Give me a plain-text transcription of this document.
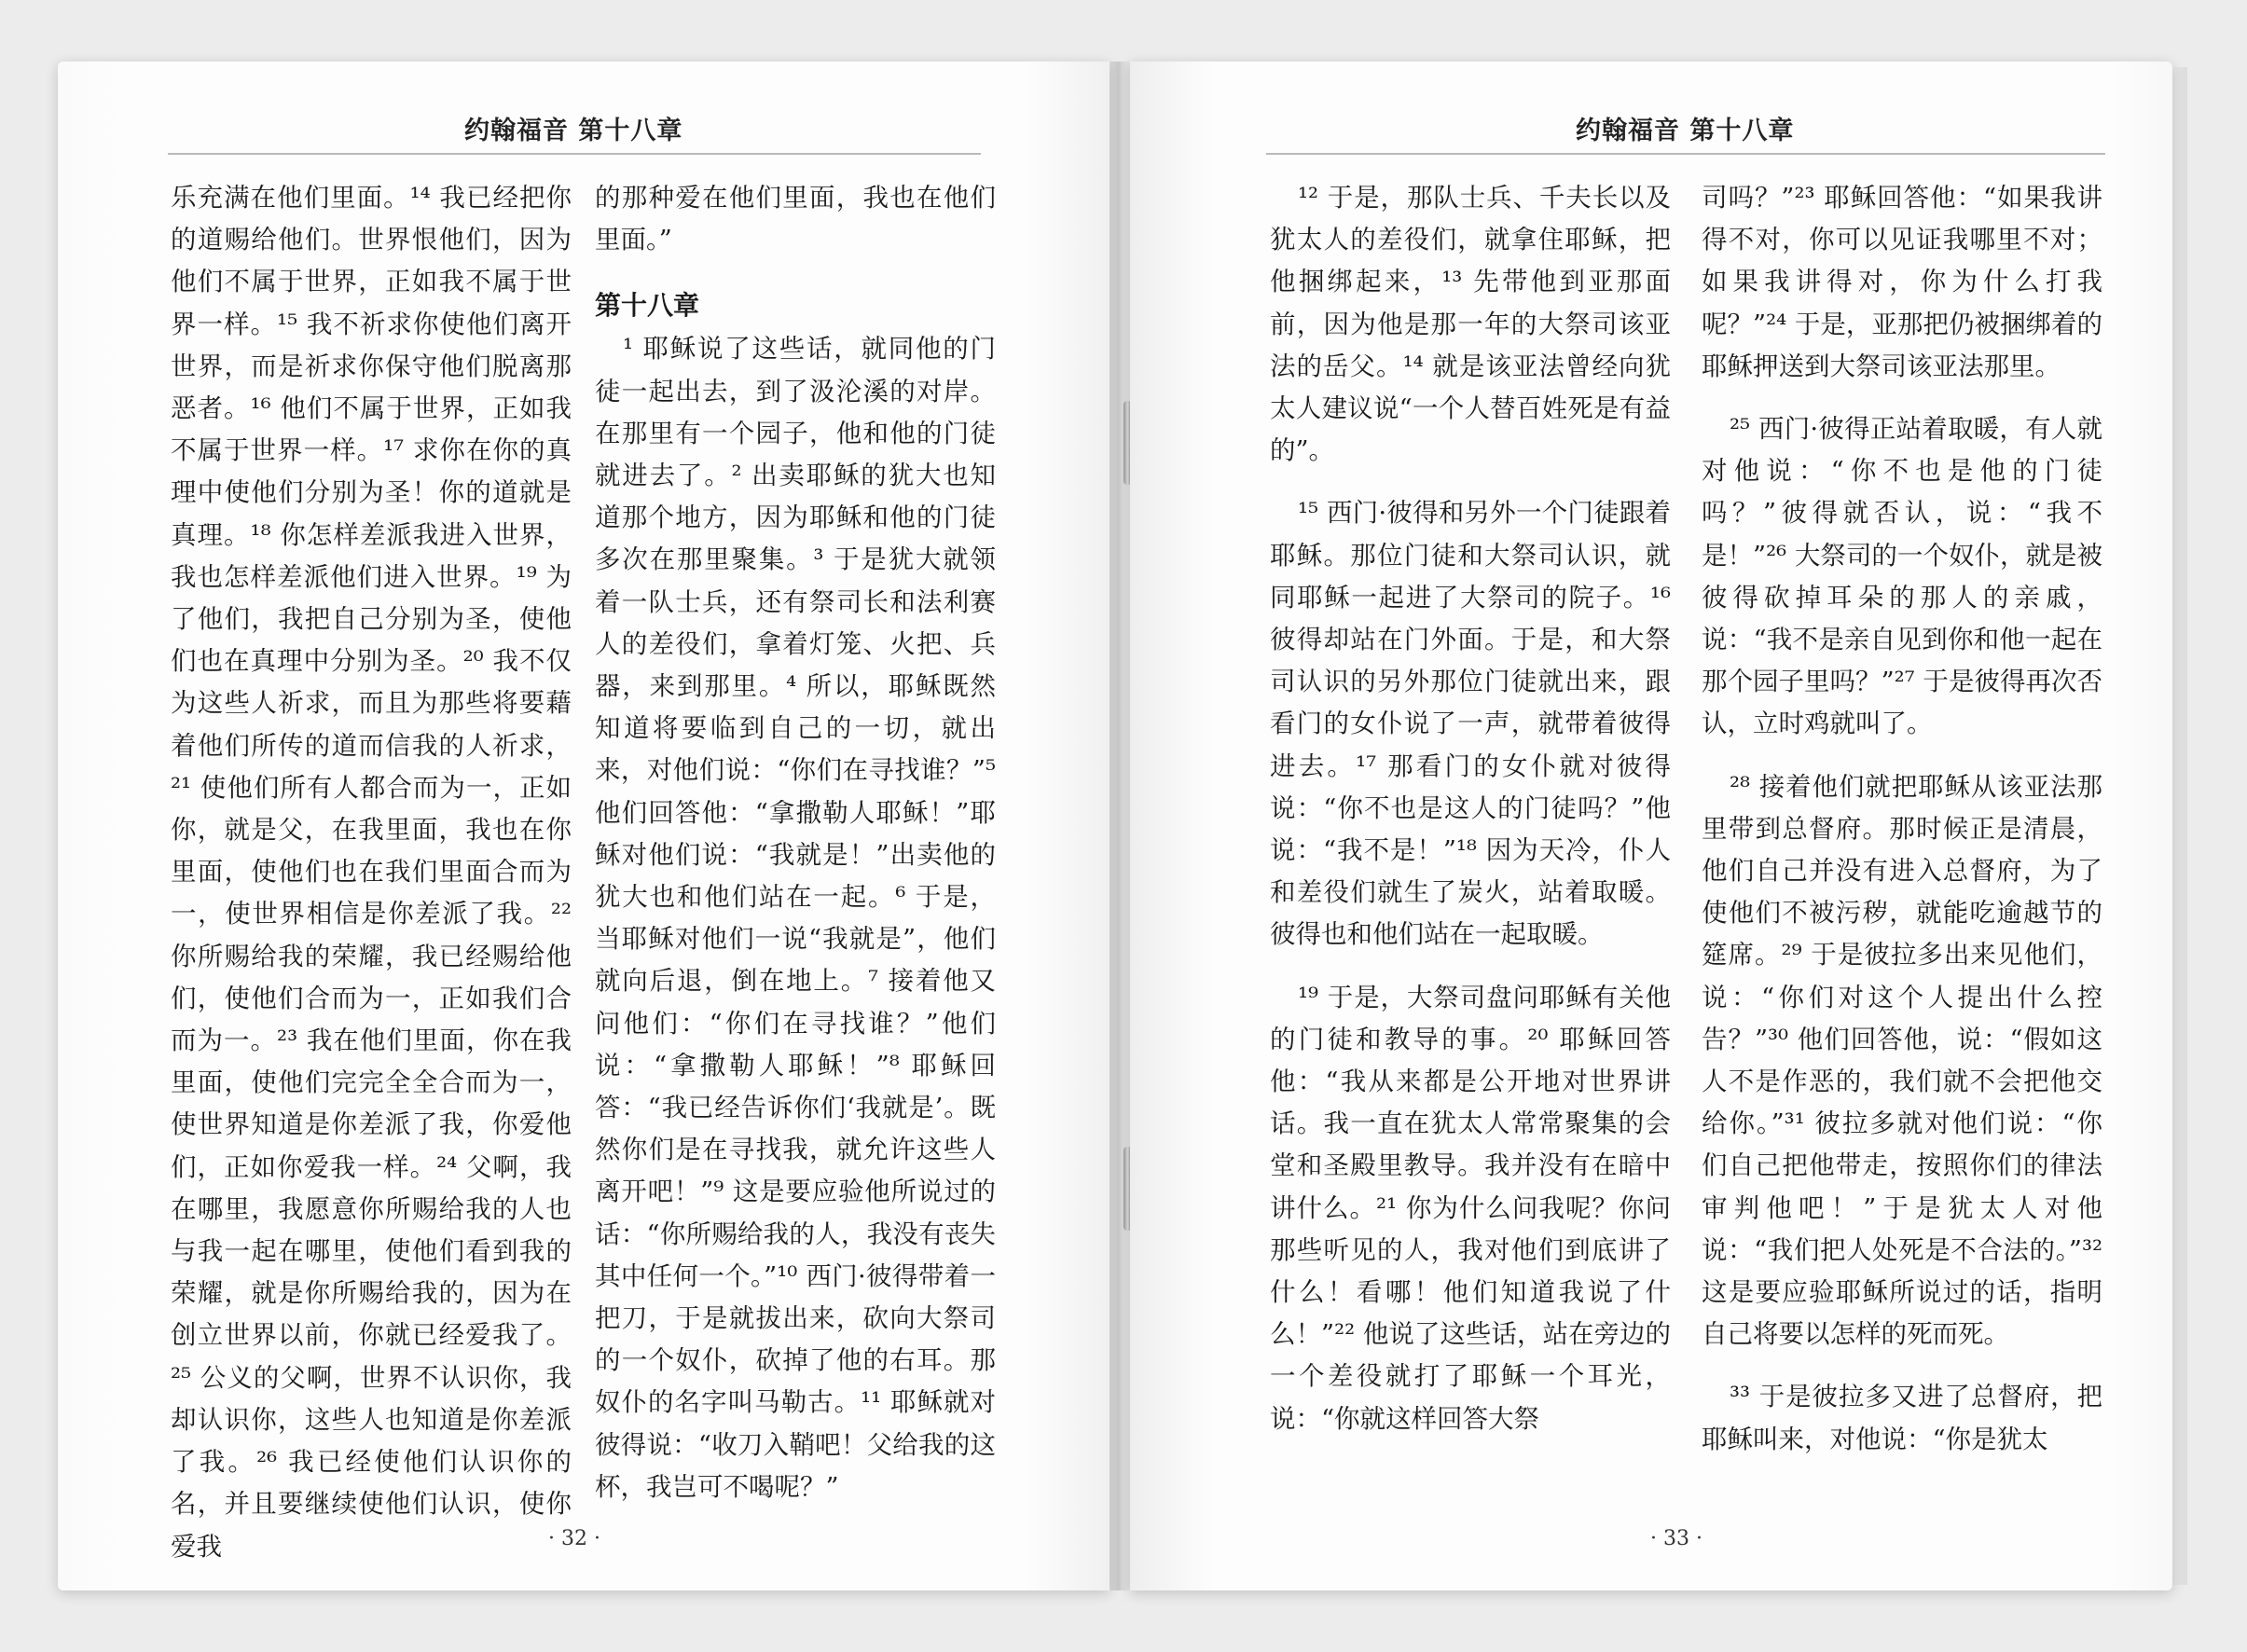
约翰福音 第十八章

乐充满在他们里面。¹⁴ 我已经把你的道赐给他们。世界恨他们，因为他们不属于世界，正如我不属于世界一样。¹⁵ 我不祈求你使他们离开世界，而是祈求你保守他们脱离那恶者。¹⁶ 他们不属于世界，正如我不属于世界一样。¹⁷ 求你在你的真理中使他们分别为圣！你的道就是真理。¹⁸ 你怎样差派我进入世界，我也怎样差派他们进入世界。¹⁹ 为了他们，我把自己分别为圣，使他们也在真理中分别为圣。²⁰ 我不仅为这些人祈求，而且为那些将要藉着他们所传的道而信我的人祈求，²¹ 使他们所有人都合而为一，正如你，就是父，在我里面，我也在你里面，使他们也在我们里面合而为一，使世界相信是你差派了我。²² 你所赐给我的荣耀，我已经赐给他们，使他们合而为一，正如我们合而为一。²³ 我在他们里面，你在我里面，使他们完完全全合而为一，使世界知道是你差派了我，你爱他们，正如你爱我一样。²⁴ 父啊，我在哪里，我愿意你所赐给我的人也与我一起在哪里，使他们看到我的荣耀，就是你所赐给我的，因为在创立世界以前，你就已经爱我了。²⁵ 公义的父啊，世界不认识你，我却认识你，这些人也知道是你差派了我。²⁶ 我已经使他们认识你的名，并且要继续使他们认识，使你爱我

的那种爱在他们里面，我也在他们里面。”

第十八章

¹ 耶稣说了这些话，就同他的门徒一起出去，到了汲沦溪的对岸。在那里有一个园子，他和他的门徒就进去了。² 出卖耶稣的犹大也知道那个地方，因为耶稣和他的门徒多次在那里聚集。³ 于是犹大就领着一队士兵，还有祭司长和法利赛人的差役们，拿着灯笼、火把、兵器，来到那里。⁴ 所以，耶稣既然知道将要临到自己的一切，就出来，对他们说：“你们在寻找谁？”⁵ 他们回答他：“拿撒勒人耶稣！”耶稣对他们说：“我就是！”出卖他的犹大也和他们站在一起。⁶ 于是，当耶稣对他们一说“我就是”，他们就向后退，倒在地上。⁷ 接着他又问他们：“你们在寻找谁？”他们说：“拿撒勒人耶稣！”⁸ 耶稣回答：“我已经告诉你们‘我就是’。既然你们是在寻找我，就允许这些人离开吧！”⁹ 这是要应验他所说过的话：“你所赐给我的人，我没有丧失其中任何一个。”¹⁰ 西门·彼得带着一把刀，于是就拔出来，砍向大祭司的一个奴仆，砍掉了他的右耳。那奴仆的名字叫马勒古。¹¹ 耶稣就对彼得说：“收刀入鞘吧！父给我的这杯，我岂可不喝呢？”

· 32 ·
约翰福音 第十八章

¹² 于是，那队士兵、千夫长以及犹太人的差役们，就拿住耶稣，把他捆绑起来，¹³ 先带他到亚那面前，因为他是那一年的大祭司该亚法的岳父。¹⁴ 就是该亚法曾经向犹太人建议说“一个人替百姓死是有益的”。

¹⁵ 西门·彼得和另外一个门徒跟着耶稣。那位门徒和大祭司认识，就同耶稣一起进了大祭司的院子。¹⁶ 彼得却站在门外面。于是，和大祭司认识的另外那位门徒就出来，跟看门的女仆说了一声，就带着彼得进去。¹⁷ 那看门的女仆就对彼得说：“你不也是这人的门徒吗？”他说：“我不是！”¹⁸ 因为天冷，仆人和差役们就生了炭火，站着取暖。彼得也和他们站在一起取暖。

¹⁹ 于是，大祭司盘问耶稣有关他的门徒和教导的事。²⁰ 耶稣回答他：“我从来都是公开地对世界讲话。我一直在犹太人常常聚集的会堂和圣殿里教导。我并没有在暗中讲什么。²¹ 你为什么问我呢？你问那些听见的人，我对他们到底讲了什么！看哪！他们知道我说了什么！”²² 他说了这些话，站在旁边的一个差役就打了耶稣一个耳光，说：“你就这样回答大祭

司吗？”²³ 耶稣回答他：“如果我讲得不对，你可以见证我哪里不对；如果我讲得对，你为什么打我呢？”²⁴ 于是，亚那把仍被捆绑着的耶稣押送到大祭司该亚法那里。

²⁵ 西门·彼得正站着取暖，有人就对他说：“你不也是他的门徒吗？”彼得就否认，说：“我不是！”²⁶ 大祭司的一个奴仆，就是被彼得砍掉耳朵的那人的亲戚，说：“我不是亲自见到你和他一起在那个园子里吗？”²⁷ 于是彼得再次否认，立时鸡就叫了。

²⁸ 接着他们就把耶稣从该亚法那里带到总督府。那时候正是清晨，他们自己并没有进入总督府，为了使他们不被污秽，就能吃逾越节的筵席。²⁹ 于是彼拉多出来见他们，说：“你们对这个人提出什么控告？”³⁰ 他们回答他，说：“假如这人不是作恶的，我们就不会把他交给你。”³¹ 彼拉多就对他们说：“你们自己把他带走，按照你们的律法审判他吧！”于是犹太人对他说：“我们把人处死是不合法的。”³² 这是要应验耶稣所说过的话，指明自己将要以怎样的死而死。

³³ 于是彼拉多又进了总督府，把耶稣叫来，对他说：“你是犹太

· 33 ·
